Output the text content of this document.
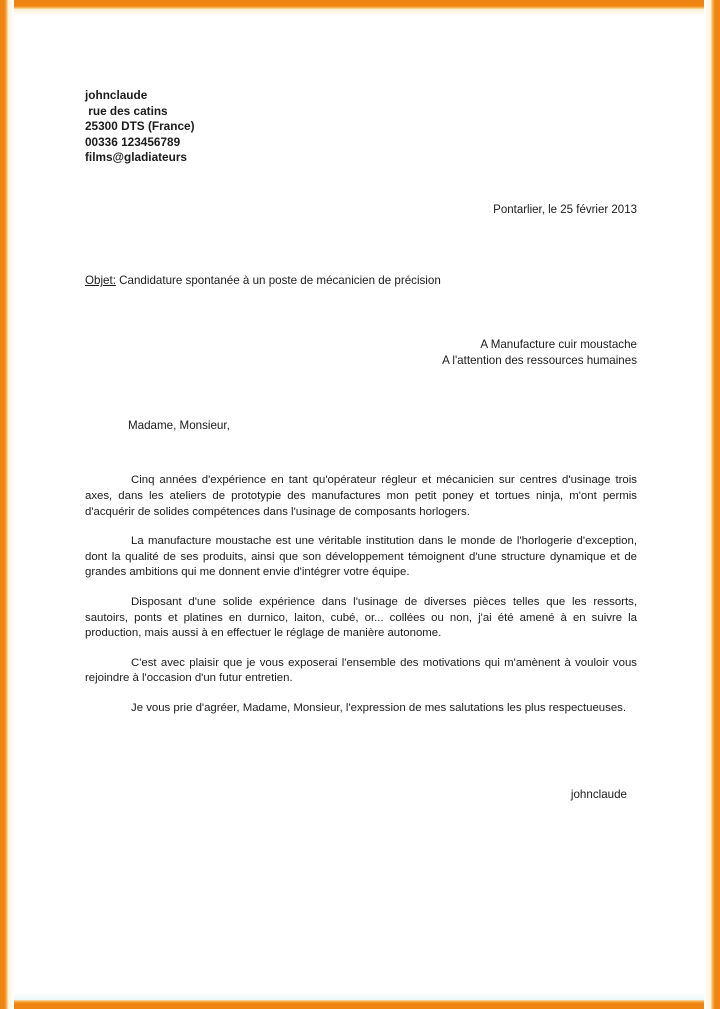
johnclaude
rue des catins
25300 DTS (France)
00336 123456789
films@gladiateurs
Pontarlier, le 25 février 2013
Objet: Candidature spontanée à un poste de mécanicien de précision
A Manufacture cuir moustache
A l'attention des ressources humaines
Madame, Monsieur,

Cinq années d'expérience en tant qu'opérateur régleur et mécanicien sur centres d'usinage trois axes, dans les ateliers de prototypie des manufactures mon petit poney et tortues ninja, m'ont permis d'acquérir de solides compétences dans l'usinage de composants horlogers.

La manufacture moustache est une véritable institution dans le monde de l'horlogerie d'exception, dont la qualité de ses produits, ainsi que son développement témoignent d'une structure dynamique et de grandes ambitions qui me donnent envie d'intégrer votre équipe.

Disposant d'une solide expérience dans l'usinage de diverses pièces telles que les ressorts, sautoirs, ponts et platines en durnico, laiton, cubé, or... collées ou non, j'ai été amené à en suivre la production, mais aussi à en effectuer le réglage de manière autonome.

C'est avec plaisir que je vous exposerai l'ensemble des motivations qui m'amènent à vouloir vous rejoindre à l'occasion d'un futur entretien.

Je vous prie d'agréer, Madame, Monsieur, l'expression de mes salutations les plus respectueuses.

johnclaude
